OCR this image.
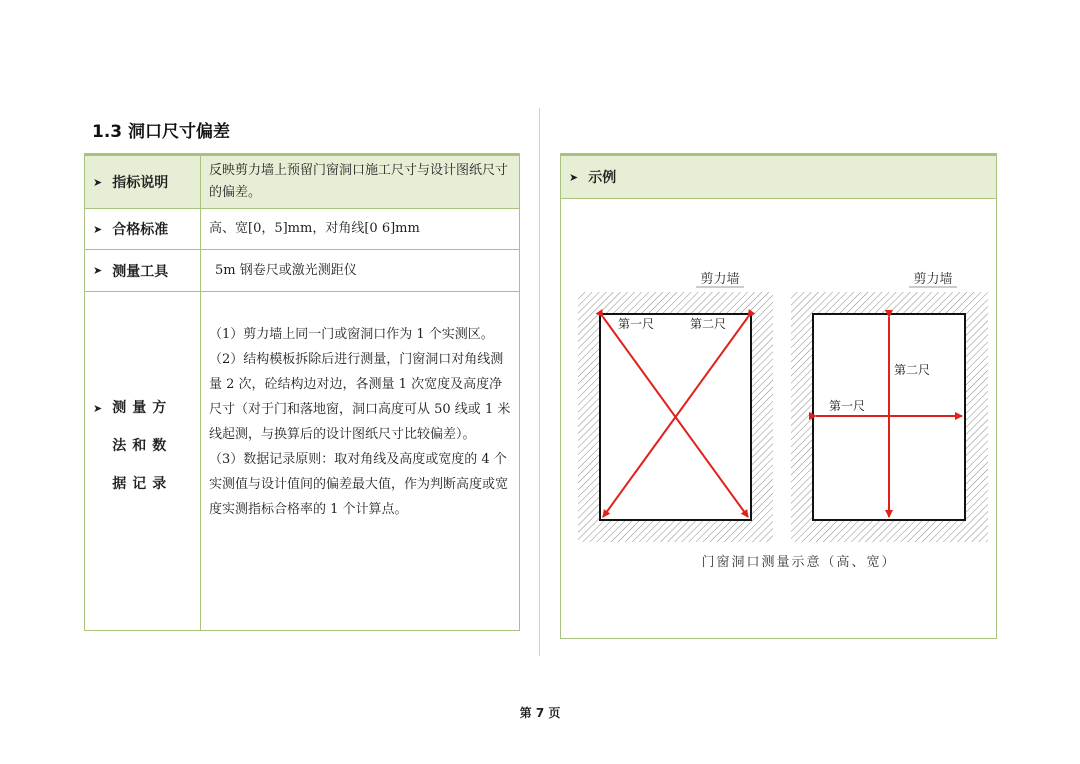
1.3 洞口尺寸偏差
➤ 指标说明
反映剪力墙上预留门窗洞口施工尺寸与设计图纸尺寸的偏差。
➤ 合格标准	高、宽[0，5]mm，对角线[0 6]mm
➤ 测量工具	5m 钢卷尺或激光测距仪
➤ 测量方法和数据记录
（1）剪力墙上同一门或窗洞口作为 1 个实测区。
（2）结构模板拆除后进行测量，门窗洞口对角线测量 2 次，砼结构边对边，各测量 1 次宽度及高度净尺寸（对于门和落地窗，洞口高度可从 50 线或 1 米线起测，与换算后的设计图纸尺寸比较偏差）。
（3）数据记录原则：取对角线及高度或宽度的 4 个实测值与设计值间的偏差最大值，作为判断高度或宽度实测指标合格率的 1 个计算点。
➤ 示例
剪力墙
第一尺	第二尺
剪力墙
第一尺
第二尺
门窗洞口测量示意（高、宽）
第 7 页
